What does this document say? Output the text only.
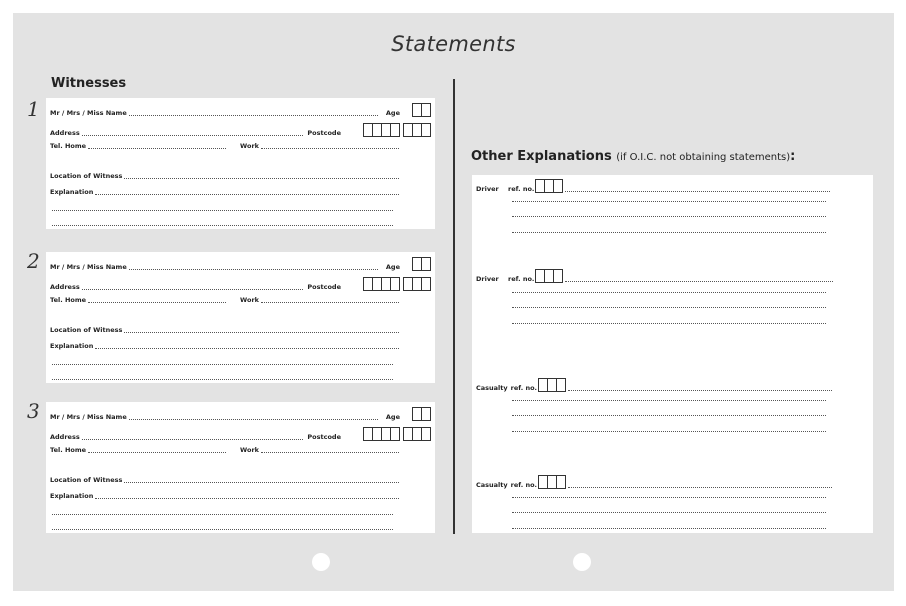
Statements
Witnesses
1 Mr / Mrs / Miss Name	Age
Address	Postcode
Tel. Home	Work
Location of Witness
Explanation
2 Mr / Mrs / Miss Name	Age
Address	Postcode
Tel. Home	Work
Location of Witness
Explanation
3 Mr / Mrs / Miss Name	Age
Address	Postcode
Tel. Home	Work
Location of Witness
Explanation
Other Explanations (if O.I.C. not obtaining statements):
Driver	ref. no.
Driver	ref. no.
Casualty ref. no.
Casualty ref. no.
